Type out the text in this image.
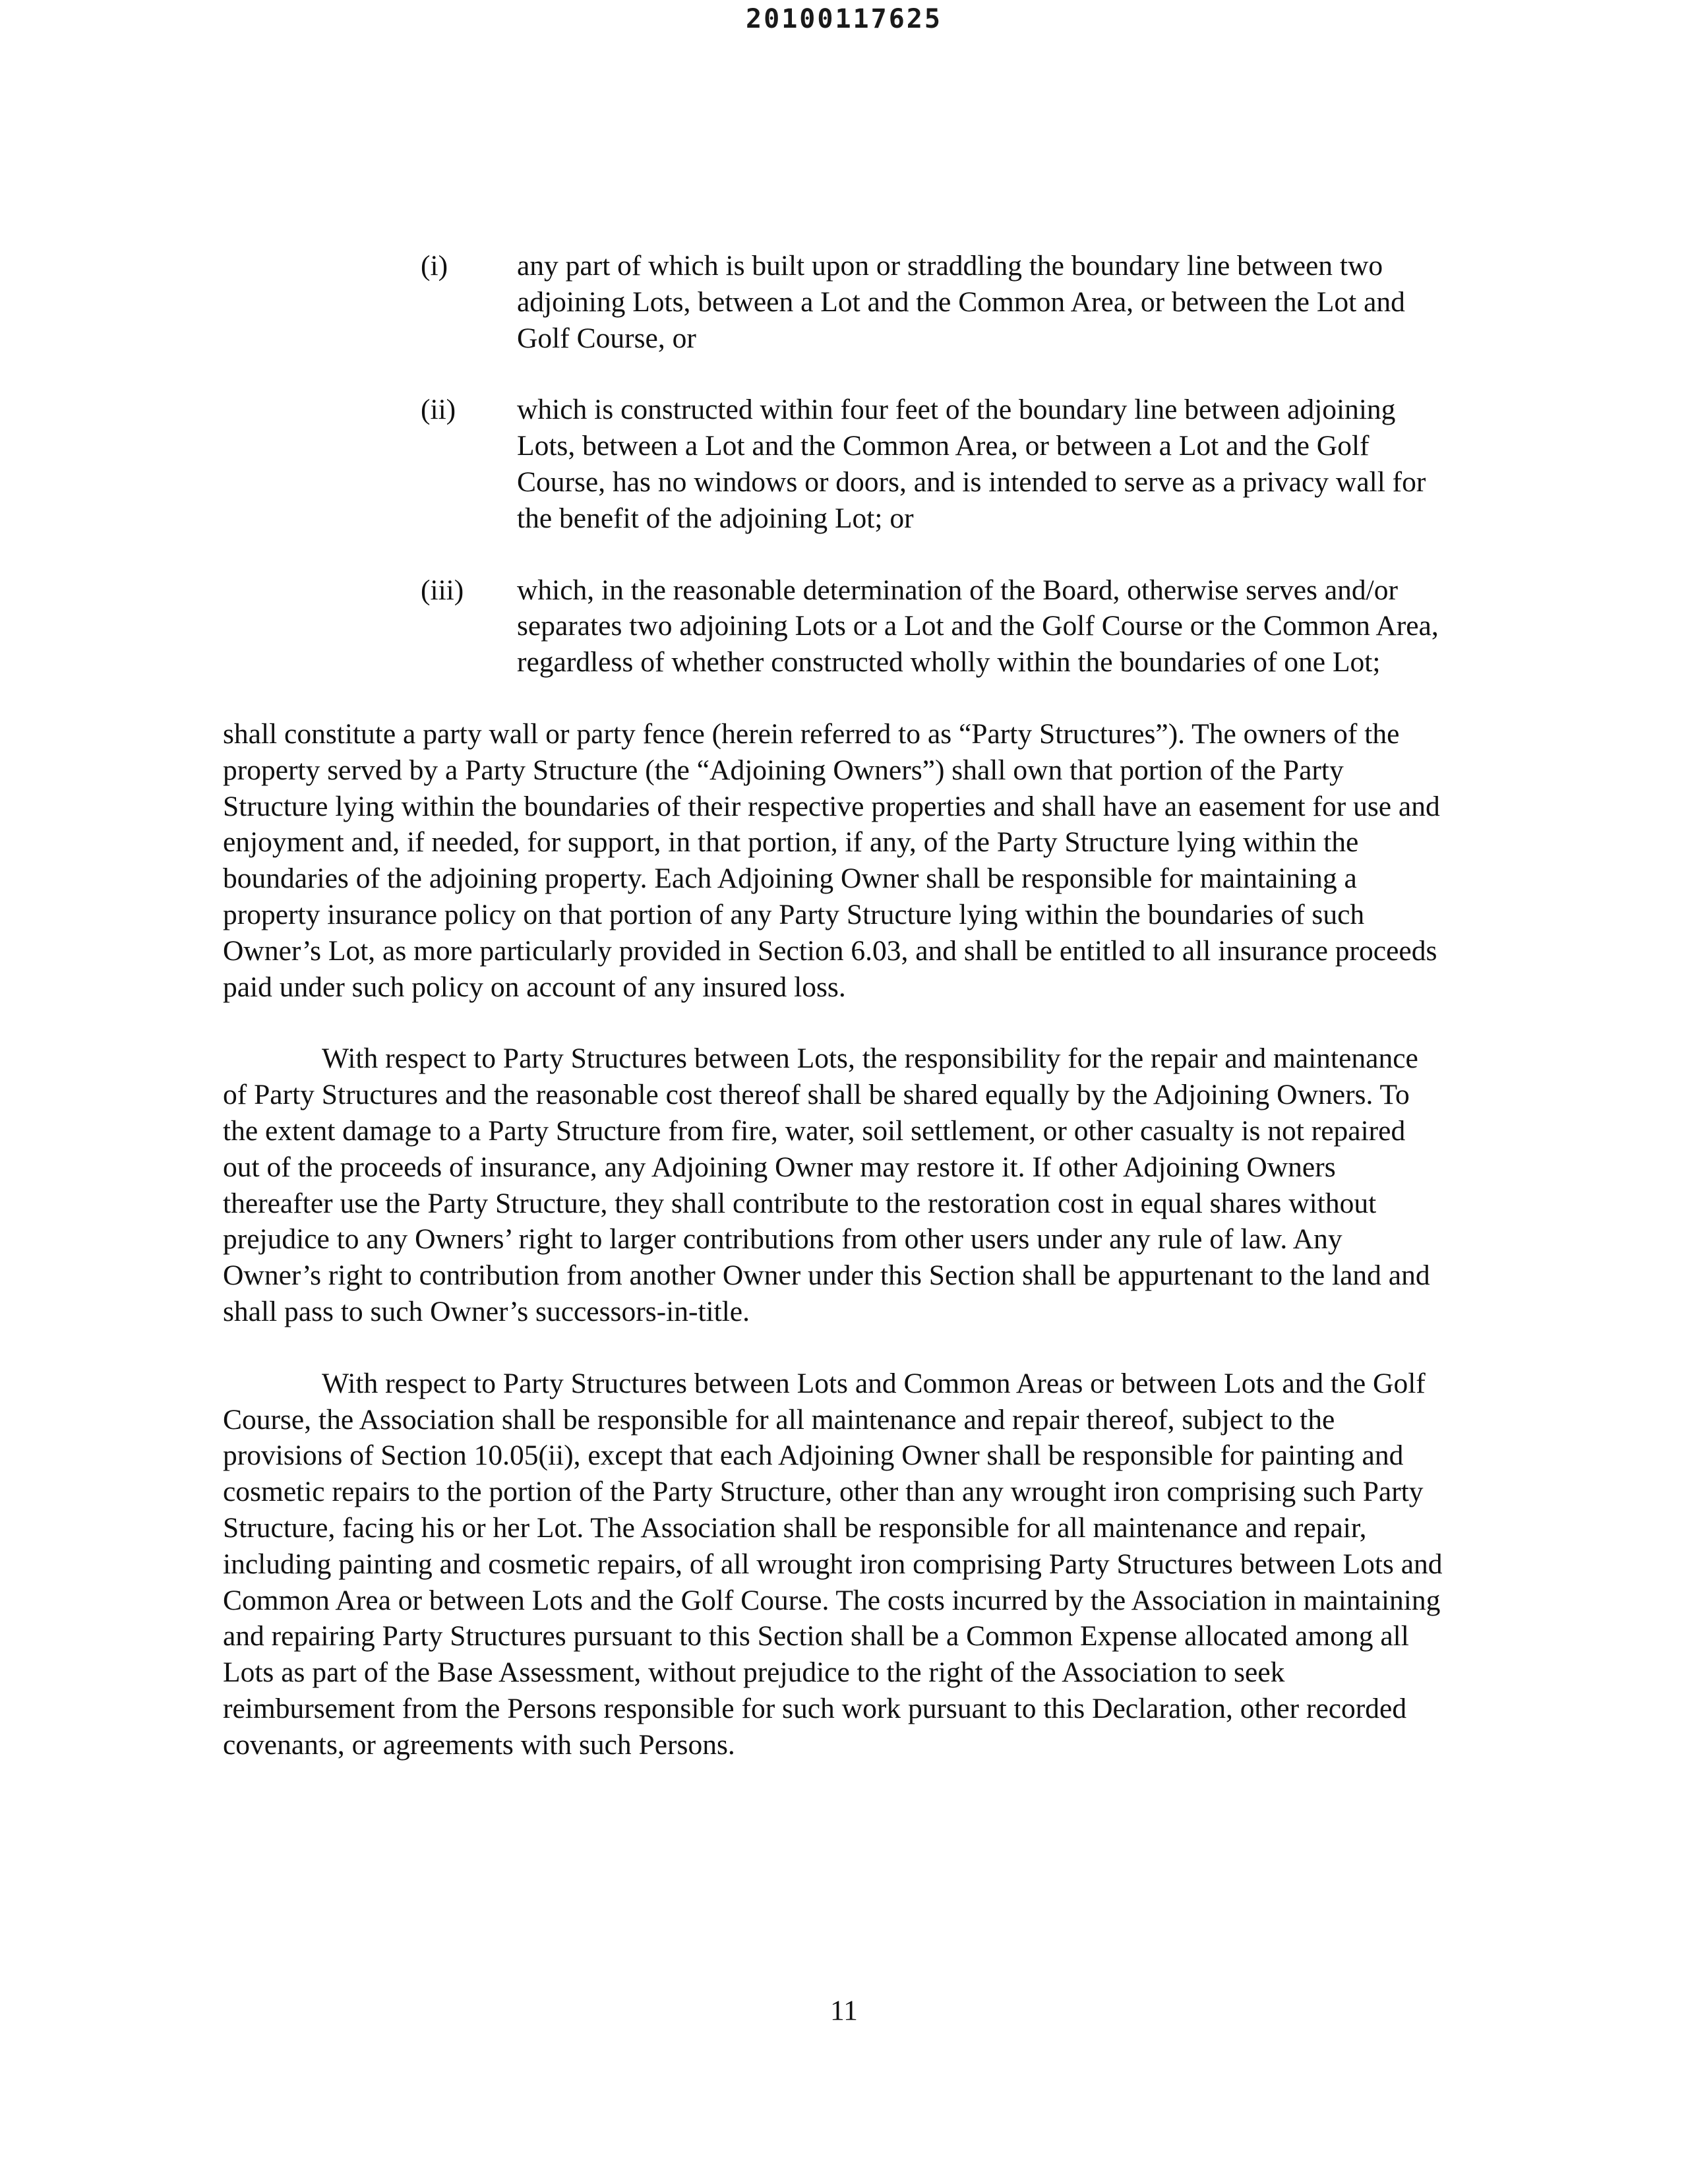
20100117625
(i)	any part of which is built upon or straddling the boundary line between two adjoining Lots, between a Lot and the Common Area, or between the Lot and Golf Course, or
(ii)	which is constructed within four feet of the boundary line between adjoining Lots, between a Lot and the Common Area, or between a Lot and the Golf Course, has no windows or doors, and is intended to serve as a privacy wall for the benefit of the adjoining Lot; or
(iii)	which, in the reasonable determination of the Board, otherwise serves and/or separates two adjoining Lots or a Lot and the Golf Course or the Common Area, regardless of whether constructed wholly within the boundaries of one Lot;

shall constitute a party wall or party fence (herein referred to as “Party Structures”). The owners of the property served by a Party Structure (the “Adjoining Owners”) shall own that portion of the Party Structure lying within the boundaries of their respective properties and shall have an easement for use and enjoyment and, if needed, for support, in that portion, if any, of the Party Structure lying within the boundaries of the adjoining property. Each Adjoining Owner shall be responsible for maintaining a property insurance policy on that portion of any Party Structure lying within the boundaries of such Owner’s Lot, as more particularly provided in Section 6.03, and shall be entitled to all insurance proceeds paid under such policy on account of any insured loss.

With respect to Party Structures between Lots, the responsibility for the repair and maintenance of Party Structures and the reasonable cost thereof shall be shared equally by the Adjoining Owners. To the extent damage to a Party Structure from fire, water, soil settlement, or other casualty is not repaired out of the proceeds of insurance, any Adjoining Owner may restore it. If other Adjoining Owners thereafter use the Party Structure, they shall contribute to the restoration cost in equal shares without prejudice to any Owners’ right to larger contributions from other users under any rule of law. Any Owner’s right to contribution from another Owner under this Section shall be appurtenant to the land and shall pass to such Owner’s successors-in-title.

With respect to Party Structures between Lots and Common Areas or between Lots and the Golf Course, the Association shall be responsible for all maintenance and repair thereof, subject to the provisions of Section 10.05(ii), except that each Adjoining Owner shall be responsible for painting and cosmetic repairs to the portion of the Party Structure, other than any wrought iron comprising such Party Structure, facing his or her Lot. The Association shall be responsible for all maintenance and repair, including painting and cosmetic repairs, of all wrought iron comprising Party Structures between Lots and Common Area or between Lots and the Golf Course. The costs incurred by the Association in maintaining and repairing Party Structures pursuant to this Section shall be a Common Expense allocated among all Lots as part of the Base Assessment, without prejudice to the right of the Association to seek reimbursement from the Persons responsible for such work pursuant to this Declaration, other recorded covenants, or agreements with such Persons.

11
